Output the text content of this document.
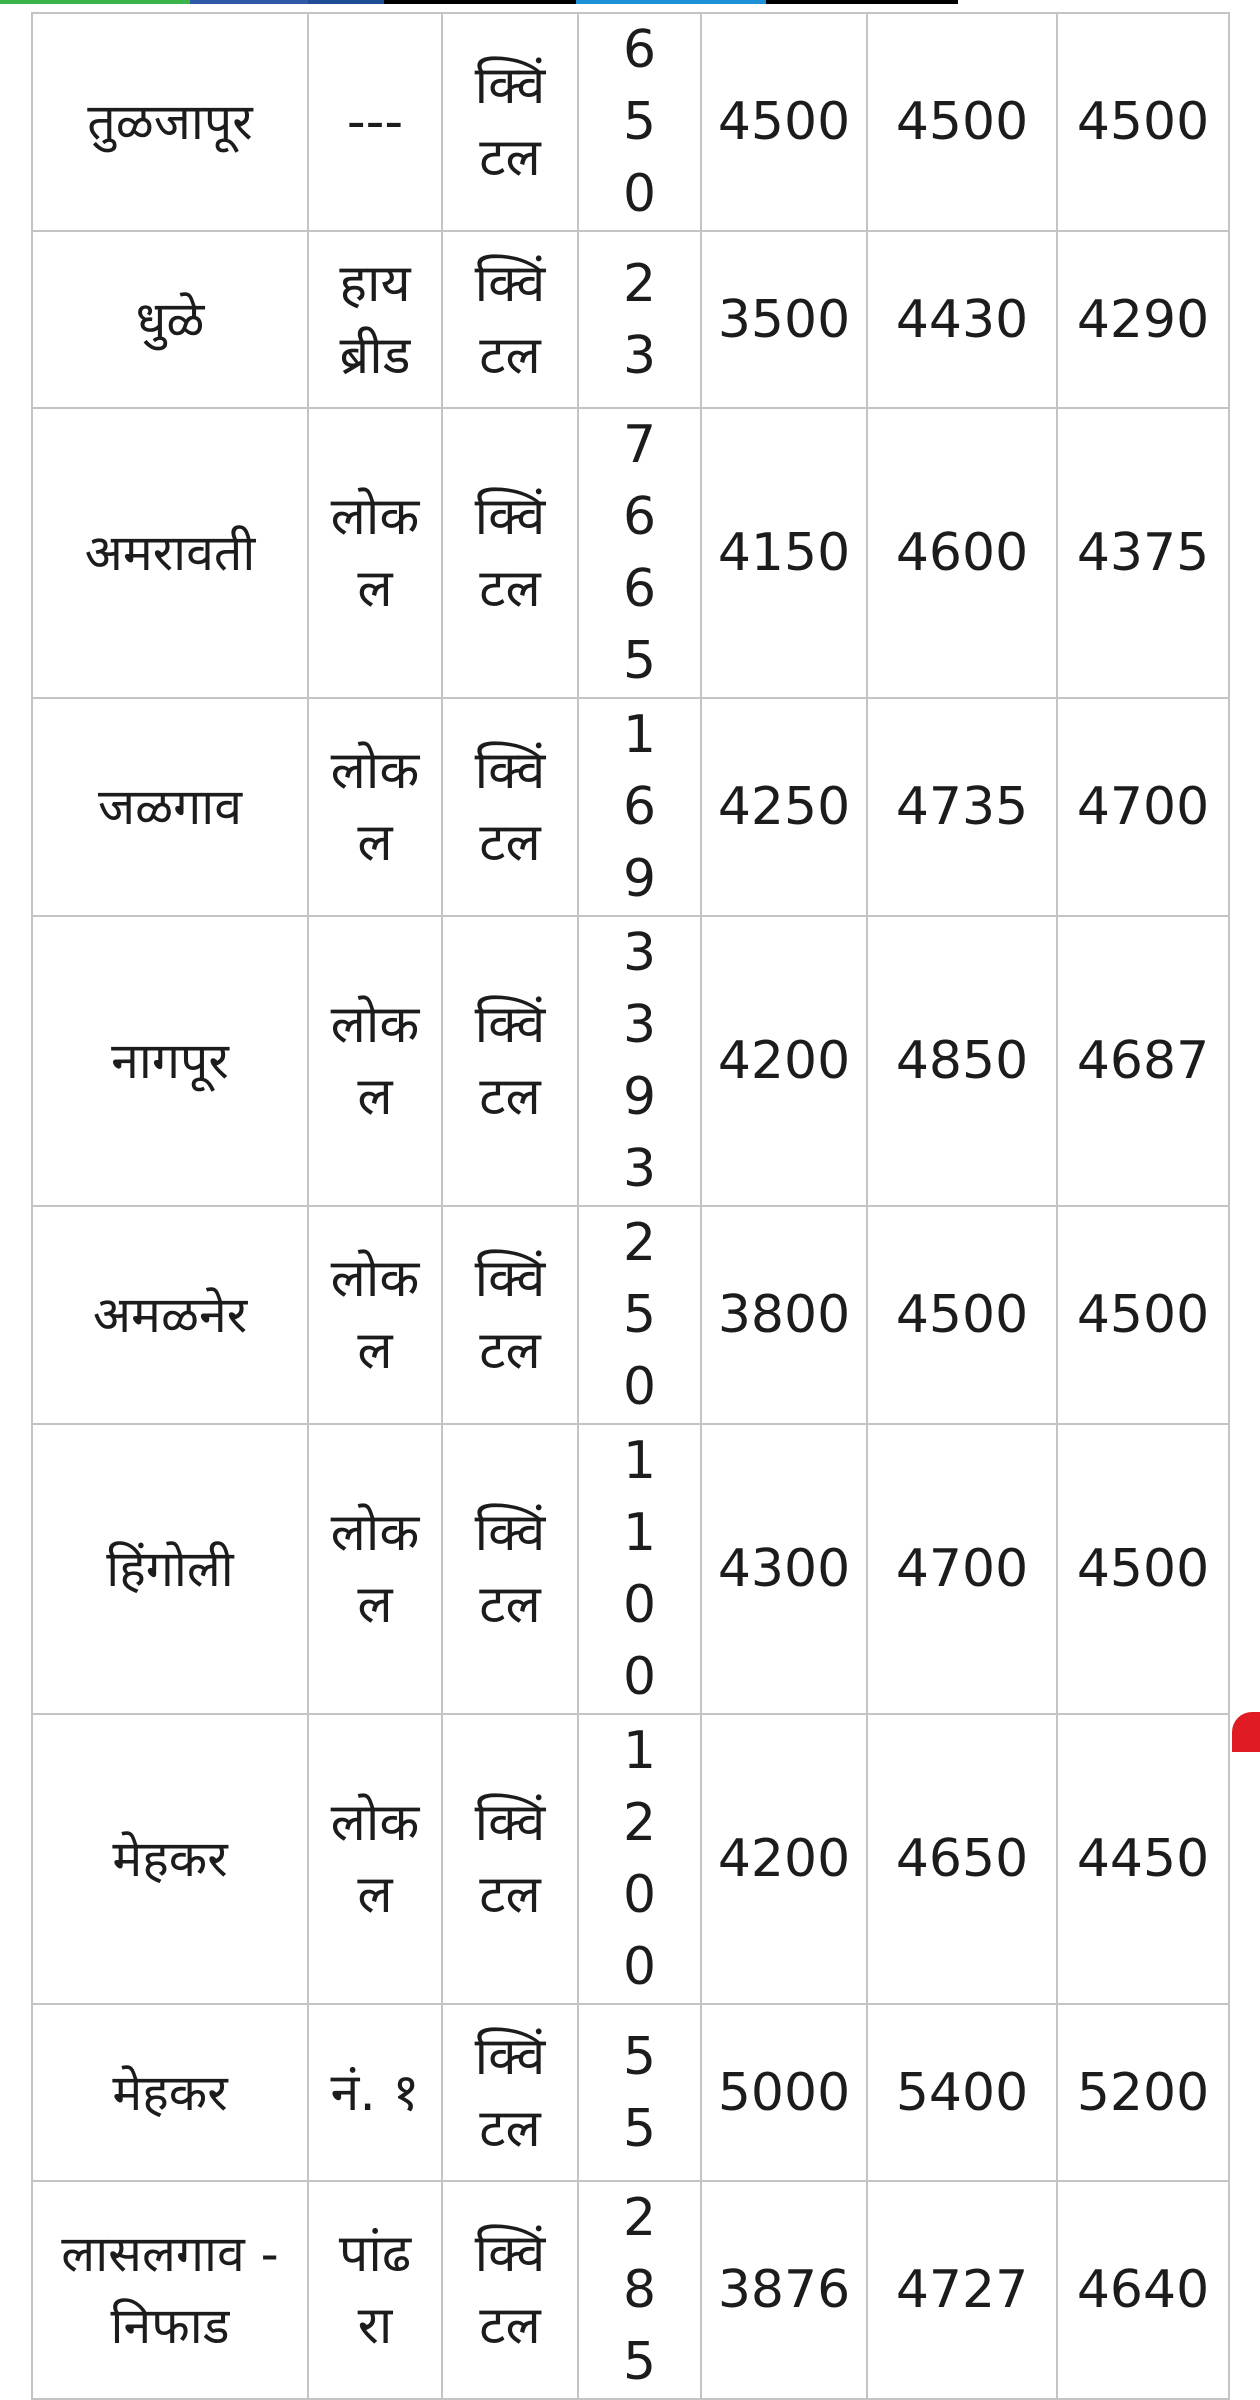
तुळजापूर	---	क्विंटल	650	4500	4500	4500

धुळे	हायब्रीड	क्विंटल	23	3500	4430	4290

अमरावती	लोकल	क्विंटल	7665	4150	4600	4375

जळगाव	लोकल	क्विंटल	169	4250	4735	4700

नागपूर	लोकल	क्विंटल	3393	4200	4850	4687

अमळनेर	लोकल	क्विंटल	250	3800	4500	4500

हिंगोली	लोकल	क्विंटल	1100	4300	4700	4500

मेहकर	लोकल	क्विंटल	1200	4200	4650	4450

मेहकर	नं. १	क्विंटल	55	5000	5400	5200

लासलगाव - निफाड	पांढरा	क्विंटल	285	3876	4727	4640
